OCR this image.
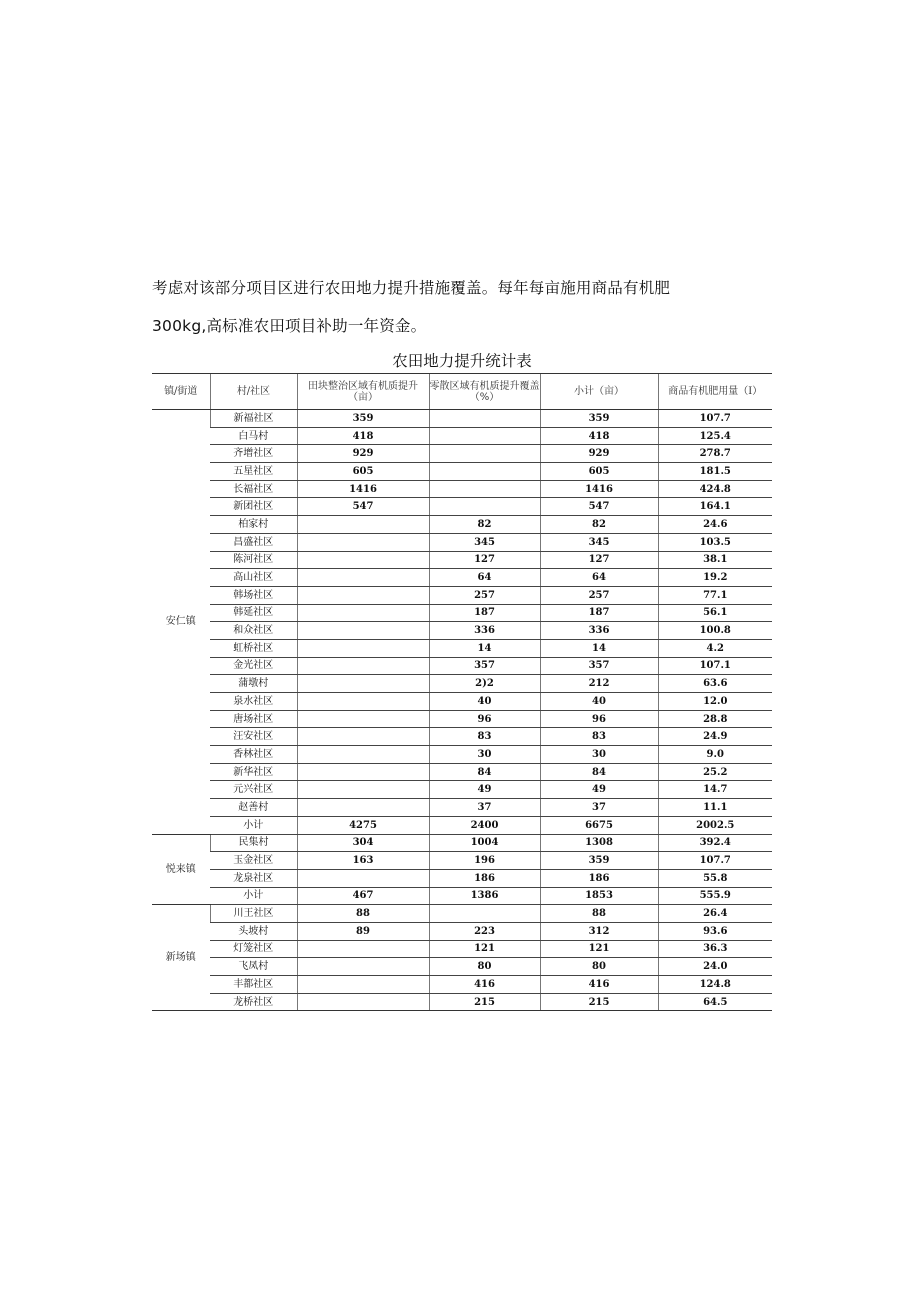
考虑对该部分项目区进行农田地力提升措施覆盖。每年每亩施用商品有机肥
300kg,高标准农田项目补助一年资金。
农田地力提升统计表
镇/街道	村/社区	田块整治区域有机质提升（亩）	零散区域有机质提升覆盖（%）	小计（亩）	商品有机肥用量（I）
安仁镇	新福社区	359		359	107.7
	白马村	418		418	125.4
	齐增社区	929		929	278.7
	五星社区	605		605	181.5
	长福社区	1416		1416	424.8
	新团社区	547		547	164.1
	柏家村		82	82	24.6
	昌盛社区		345	345	103.5
	陈河社区		127	127	38.1
	高山社区		64	64	19.2
	韩场社区		257	257	77.1
	韩延社区		187	187	56.1
	和众社区		336	336	100.8
	虹桥社区		14	14	4.2
	金光社区		357	357	107.1
	蒲墩村		2)2	212	63.6
	泉水社区		40	40	12.0
	唐场社区		96	96	28.8
	汪安社区		83	83	24.9
	香林社区		30	30	9.0
	新华社区		84	84	25.2
	元兴社区		49	49	14.7
	赵善村		37	37	11.1
	小计	4275	2400	6675	2002.5
悦来镇	民集村	304	1004	1308	392.4
	玉金社区	163	196	359	107.7
	龙泉社区		186	186	55.8
	小计	467	1386	1853	555.9
新场镇	川王社区	88		88	26.4
	头坡村	89	223	312	93.6
	灯笼社区		121	121	36.3
	飞凤村		80	80	24.0
	丰都社区		416	416	124.8
	龙桥社区		215	215	64.5
